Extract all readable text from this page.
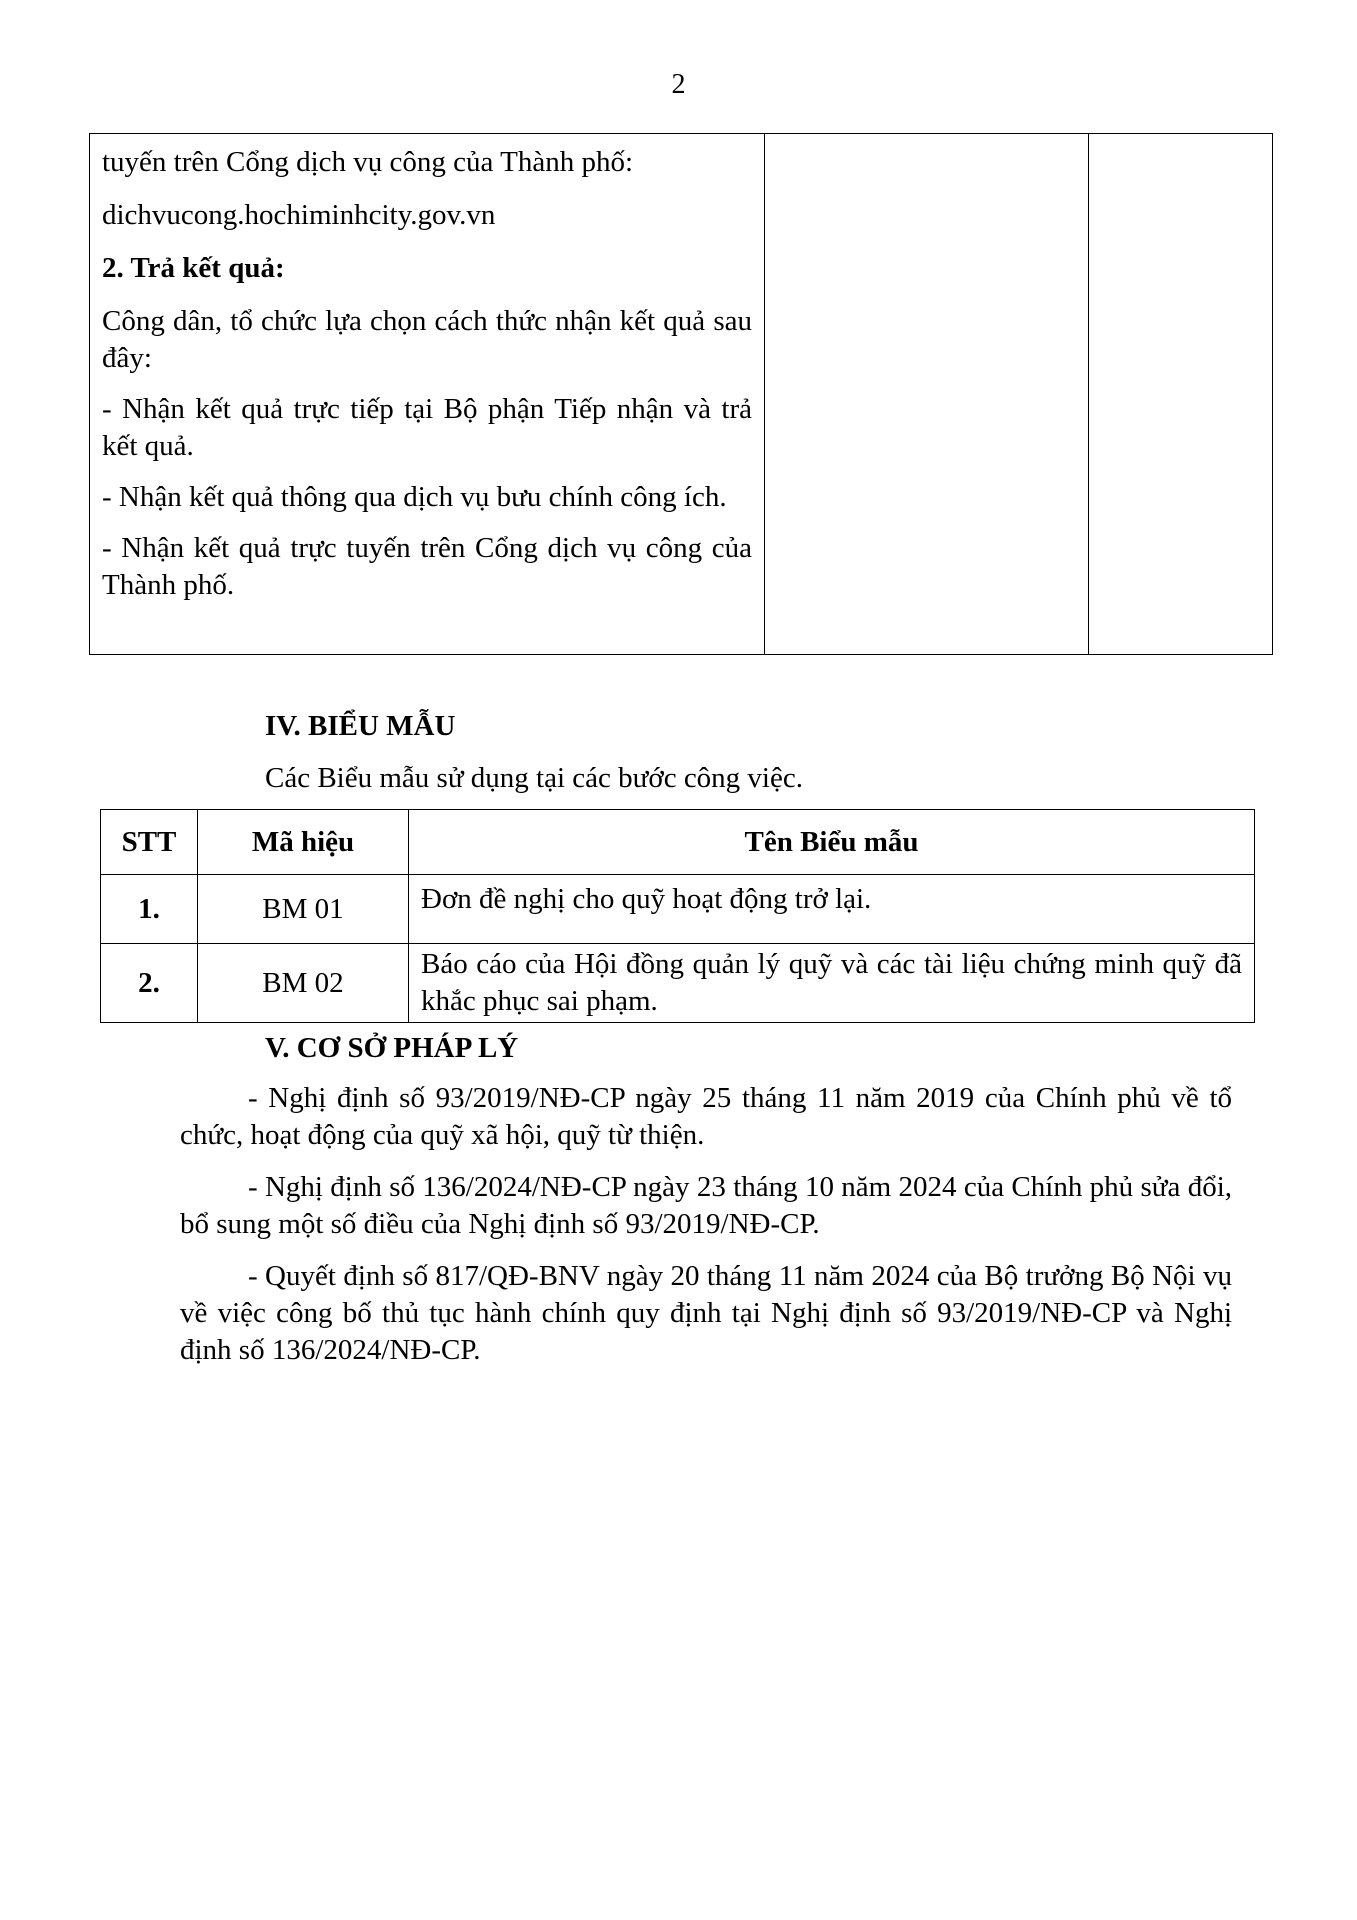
2

tuyến trên Cổng dịch vụ công của Thành phố:

dichvucong.hochiminhcity.gov.vn

2. Trả kết quả:

Công dân, tổ chức lựa chọn cách thức nhận kết quả sau đây:

- Nhận kết quả trực tiếp tại Bộ phận Tiếp nhận và trả kết quả.

- Nhận kết quả thông qua dịch vụ bưu chính công ích.

- Nhận kết quả trực tuyến trên Cổng dịch vụ công của Thành phố.

IV. BIỂU MẪU
Các Biểu mẫu sử dụng tại các bước công việc.
STT	Mã hiệu	Tên Biểu mẫu
1.	BM 01	Đơn đề nghị cho quỹ hoạt động trở lại.
2.	BM 02	Báo cáo của Hội đồng quản lý quỹ và các tài liệu chứng minh quỹ đã khắc phục sai phạm.
V. CƠ SỞ PHÁP LÝ

- Nghị định số 93/2019/NĐ-CP ngày 25 tháng 11 năm 2019 của Chính phủ về tổ chức, hoạt động của quỹ xã hội, quỹ từ thiện.

- Nghị định số 136/2024/NĐ-CP ngày 23 tháng 10 năm 2024 của Chính phủ sửa đổi, bổ sung một số điều của Nghị định số 93/2019/NĐ-CP.

- Quyết định số 817/QĐ-BNV ngày 20 tháng 11 năm 2024 của Bộ trưởng Bộ Nội vụ về việc công bố thủ tục hành chính quy định tại Nghị định số 93/2019/NĐ-CP và Nghị định số 136/2024/NĐ-CP.
